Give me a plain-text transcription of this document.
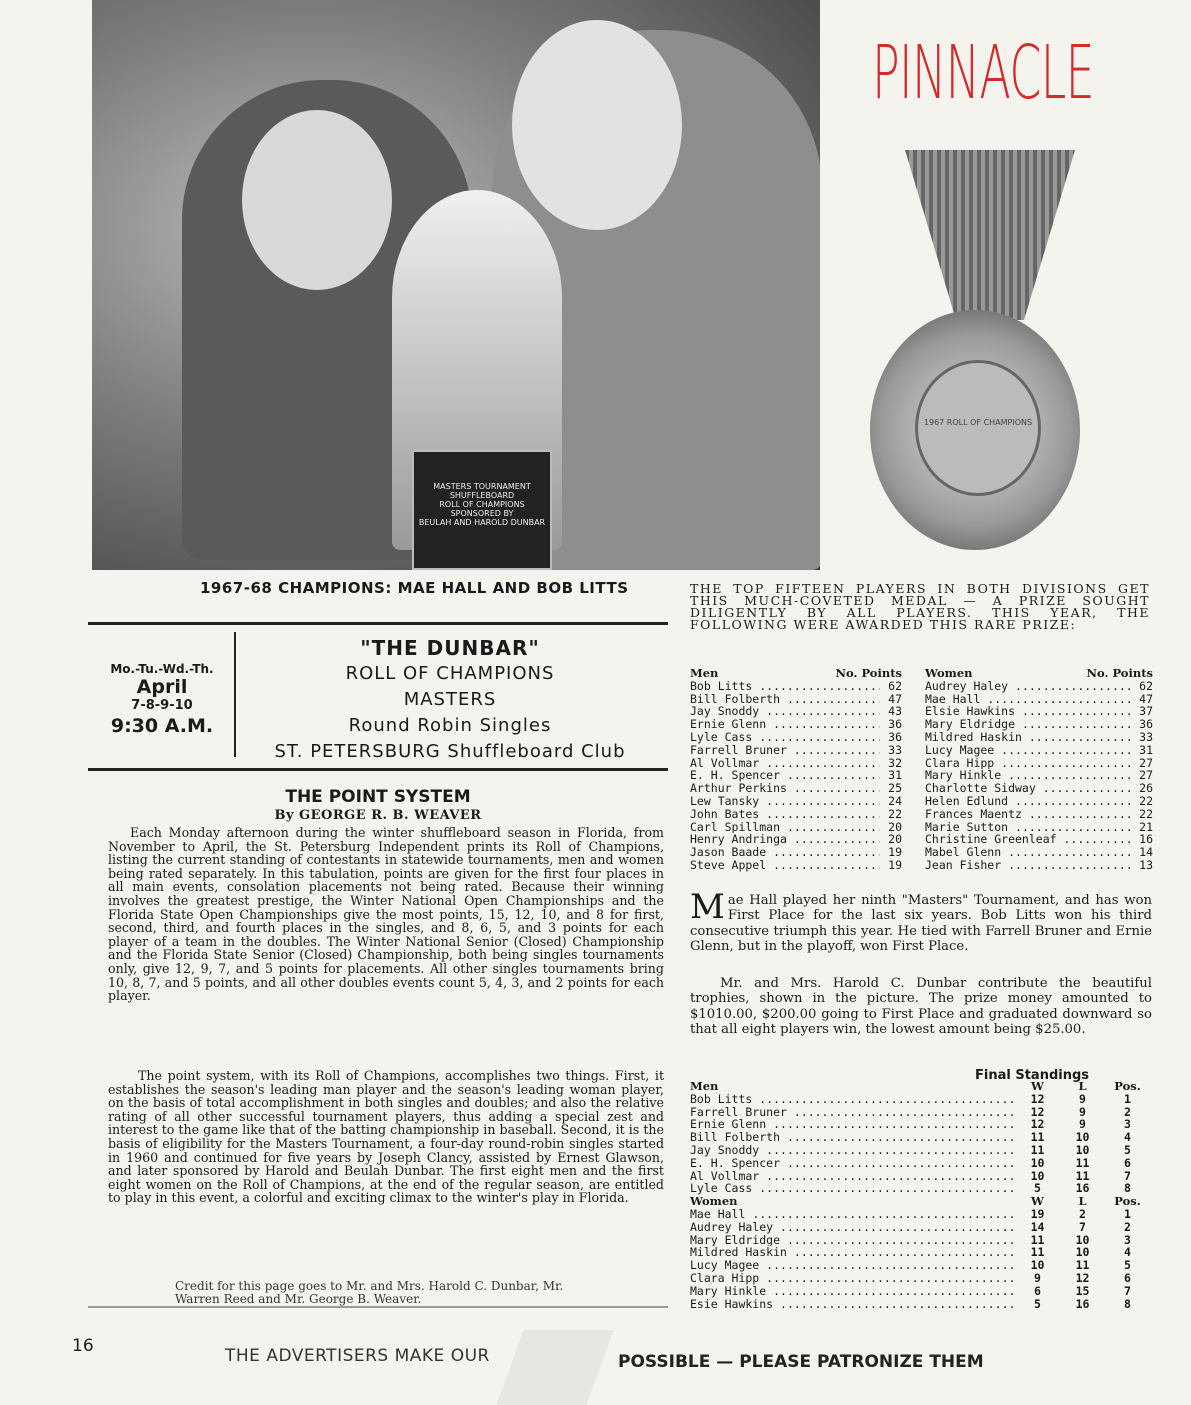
MASTERS TOURNAMENT
SHUFFLEBOARD
ROLL OF CHAMPIONS
SPONSORED BY
BEULAH AND HAROLD DUNBAR
PINNACLE
1967 ROLL OF CHAMPIONS
1967-68 CHAMPIONS: MAE HALL AND BOB LITTS
Mo.-Tu.-Wd.-Th.
April
7-8-9-10
9:30 A.M.
"THE DUNBAR"
ROLL OF CHAMPIONS
MASTERS
Round Robin Singles
ST. PETERSBURG Shuffleboard Club
THE POINT SYSTEM
By GEORGE R. B. WEAVER

Each Monday afternoon during the winter shuffleboard season in Florida, from November to April, the St. Petersburg Independent prints its Roll of Champions, listing the current standing of contestants in statewide tournaments, men and women being rated separately. In this tabulation, points are given for the first four places in all main events, consolation placements not being rated. Because their winning involves the greatest prestige, the Winter National Open Championships and the Florida State Open Championships give the most points, 15, 12, 10, and 8 for first, second, third, and fourth places in the singles, and 8, 6, 5, and 3 points for each player of a team in the doubles. The Winter National Senior (Closed) Championship and the Florida State Senior (Closed) Championship, both being singles tournaments only, give 12, 9, 7, and 5 points for placements. All other singles tournaments bring 10, 8, 7, and 5 points, and all other doubles events count 5, 4, 3, and 2 points for each player.

The point system, with its Roll of Champions, accomplishes two things. First, it establishes the season's leading man player and the season's leading woman player, on the basis of total accomplishment in both singles and doubles; and also the relative rating of all other successful tournament players, thus adding a special zest and interest to the game like that of the batting championship in baseball. Second, it is the basis of eligibility for the Masters Tournament, a four-day round-robin singles started in 1960 and continued for five years by Joseph Clancy, assisted by Ernest Glawson, and later sponsored by Harold and Beulah Dunbar. The first eight men and the first eight women on the Roll of Champions, at the end of the regular season, are entitled to play in this event, a colorful and exciting climax to the winter's play in Florida.

Credit for this page goes to Mr. and Mrs. Harold C. Dunbar, Mr. Warren Reed and Mr. George B. Weaver.
THE TOP FIFTEEN PLAYERS IN BOTH DIVISIONS GET THIS MUCH-COVETED MEDAL — A PRIZE SOUGHT DILIGENTLY BY ALL PLAYERS. THIS YEAR, THE FOLLOWING WERE AWARDED THIS RARE PRIZE:
Men	No. Points
Bob Litts .....	62
Bill Folberth .....	47
Jay Snoddy .....	43
Ernie Glenn .....	36
Lyle Cass .....	36
Farrell Bruner .....	33
Al Vollmar .....	32
E. H. Spencer .....	31
Arthur Perkins .....	25
Lew Tansky .....	24
John Bates .....	22
Carl Spillman .....	20
Henry Andringa .....	20
Jason Baade .....	19
Steve Appel .....	19
Women	No. Points
Audrey Haley .....	62
Mae Hall .....	47
Elsie Hawkins .....	37
Mary Eldridge .....	36
Mildred Haskin .....	33
Lucy Magee .....	31
Clara Hipp .....	27
Mary Hinkle .....	27
Charlotte Sidway .....	26
Helen Edlund .....	22
Frances Maentz .....	22
Marie Sutton .....	21
Christine Greenleaf .....	16
Mabel Glenn .....	14
Jean Fisher .....	13

Mae Hall played her ninth "Masters" Tournament, and has won First Place for the last six years. Bob Litts won his third consecutive triumph this year. He tied with Farrell Bruner and Ernie Glenn, but in the playoff, won First Place.

Mr. and Mrs. Harold C. Dunbar contribute the beautiful trophies, shown in the picture. The prize money amounted to $1010.00, $200.00 going to First Place and graduated downward so that all eight players win, the lowest amount being $25.00.

Final Standings
Men	W	L	Pos.
Bob Litts .....	12	9	1
Farrell Bruner .....	12	9	2
Ernie Glenn .....	12	9	3
Bill Folberth .....	11	10	4
Jay Snoddy .....	11	10	5
E. H. Spencer .....	10	11	6
Al Vollmar .....	10	11	7
Lyle Cass .....	5	16	8
Women	W	L	Pos.
Mae Hall .....	19	2	1
Audrey Haley .....	14	7	2
Mary Eldridge .....	11	10	3
Mildred Haskin .....	11	10	4
Lucy Magee .....	10	11	5
Clara Hipp .....	9	12	6
Mary Hinkle .....	6	15	7
Esie Hawkins .....	5	16	8
16	THE ADVERTISERS MAKE OUR	POSSIBLE — PLEASE PATRONIZE THEM
